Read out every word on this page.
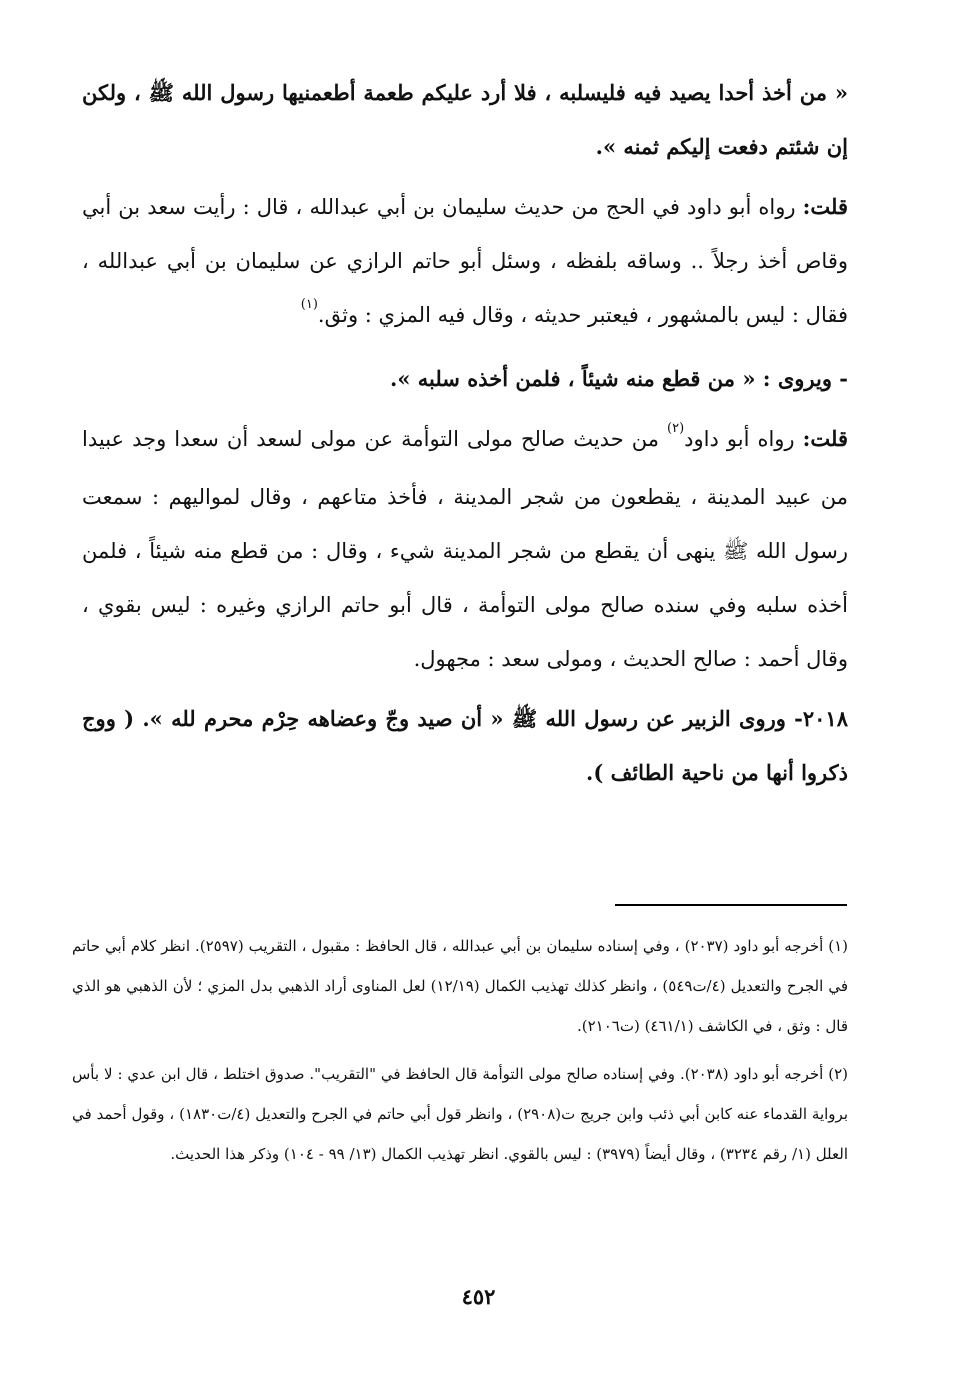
« من أخذ أحدا يصيد فيه فليسلبه ، فلا أرد عليكم طعمة أطعمنيها رسول الله ﷺ ، ولكن إن شئتم دفعت إليكم ثمنه ».

قلت: رواه أبو داود في الحج من حديث سليمان بن أبي عبدالله ، قال : رأيت سعد بن أبي وقاص أخذ رجلاً .. وساقه بلفظه ، وسئل أبو حاتم الرازي عن سليمان بن أبي عبدالله ، فقال : ليس بالمشهور ، فيعتبر حديثه ، وقال فيه المزي : وثق.$^{(١)}$

- ويروى : « من قطع منه شيئاً ، فلمن أخذه سلبه ».

قلت: رواه أبو داود$^{(٢)}$ من حديث صالح مولى التوأمة عن مولى لسعد أن سعدا وجد عبيدا من عبيد المدينة ، يقطعون من شجر المدينة ، فأخذ متاعهم ، وقال لمواليهم : سمعت رسول الله ﷺ ينهى أن يقطع من شجر المدينة شيء ، وقال : من قطع منه شيئاً ، فلمن أخذه سلبه وفي سنده صالح مولى التوأمة ، قال أبو حاتم الرازي وغيره : ليس بقوي ، وقال أحمد : صالح الحديث ، ومولى سعد : مجهول.

٢٠١٨- وروى الزبير عن رسول الله ﷺ « أن صيد وجّ وعضاهه حِرْم محرم لله ». ( ووج ذكروا أنها من ناحية الطائف ).

(١) أخرجه أبو داود (٢٠٣٧) ، وفي إسناده سليمان بن أبي عبدالله ، قال الحافظ : مقبول ، التقريب (٢٥٩٧). انظر كلام أبي حاتم في الجرح والتعديل (٤/ت٥٤٩) ، وانظر كذلك تهذيب الكمال (١٢/١٩) لعل المناوى أراد الذهبي بدل المزي ؛ لأن الذهبي هو الذي قال : وثق ، في الكاشف (٤٦١/١) (ت٢١٠٦).

(٢) أخرجه أبو داود (٢٠٣٨). وفي إسناده صالح مولى التوأمة قال الحافظ في "التقريب". صدوق اختلط ، قال ابن عدي : لا بأس برواية القدماء عنه كابن أبي ذئب وابن جريج ت(٢٩٠٨) ، وانظر قول أبي حاتم في الجرح والتعديل (٤/ت١٨٣٠) ، وقول أحمد في العلل (١/ رقم ٣٢٣٤) ، وقال أيضاً (٣٩٧٩) : ليس بالقوي. انظر تهذيب الكمال (١٣/ ٩٩ - ١٠٤) وذكر هذا الحديث.

٤٥٢
